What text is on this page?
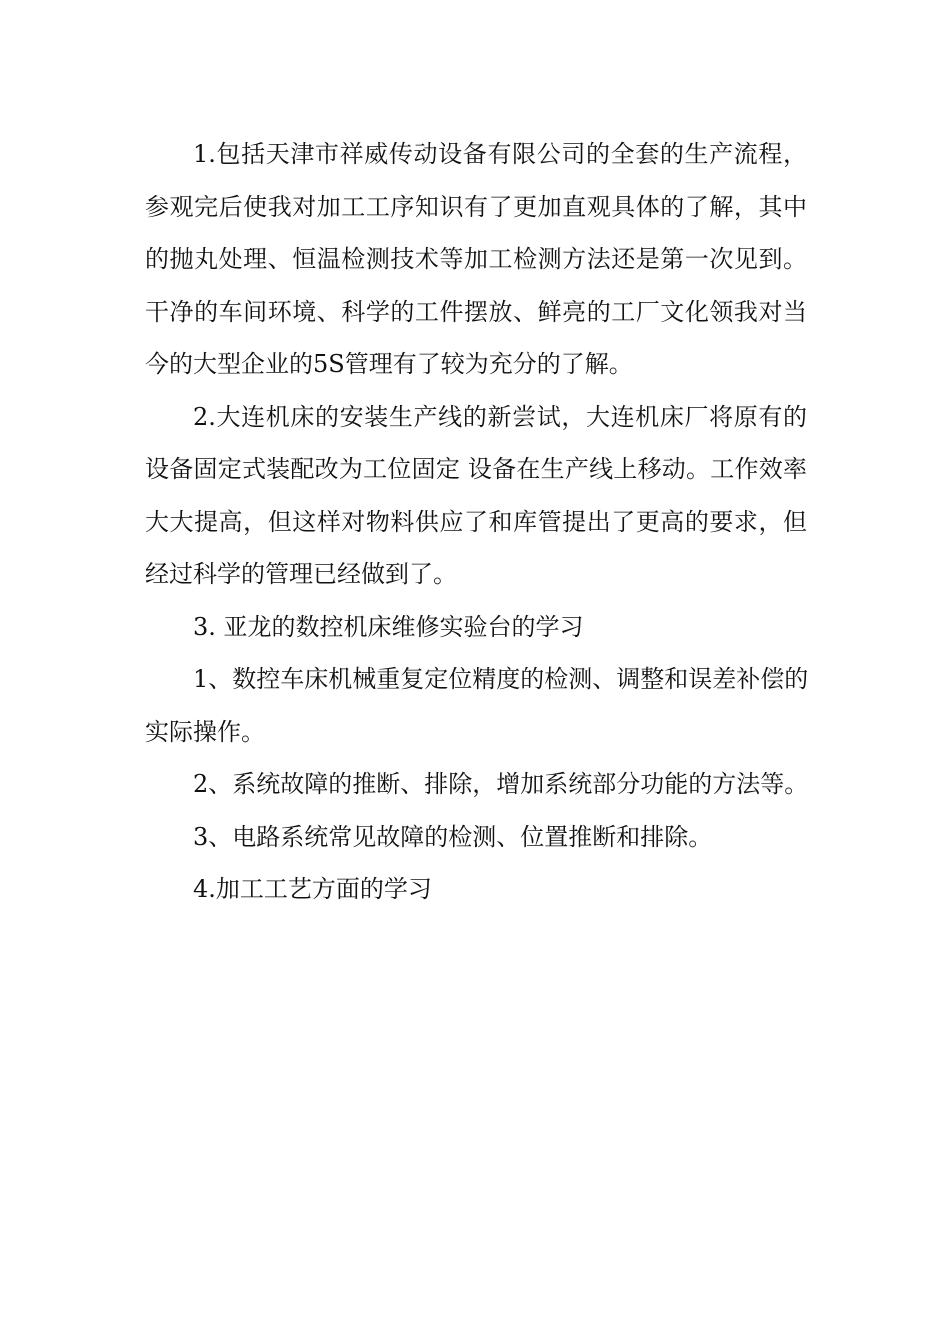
1.包括天津市祥威传动设备有限公司的全套的生产流程，
参观完后使我对加工工序知识有了更加直观具体的了解，其中
的抛丸处理、恒温检测技术等加工检测方法还是第一次见到。
干净的车间环境、科学的工件摆放、鲜亮的工厂文化领我对当
今的大型企业的5S管理有了较为充分的了解。
2.大连机床的安装生产线的新尝试，大连机床厂将原有的
设备固定式装配改为工位固定 设备在生产线上移动。工作效率
大大提高，但这样对物料供应了和库管提出了更高的要求，但
经过科学的管理已经做到了。
3. 亚龙的数控机床维修实验台的学习
1、数控车床机械重复定位精度的检测、调整和误差补偿的
实际操作。
2、系统故障的推断、排除，增加系统部分功能的方法等。
3、电路系统常见故障的检测、位置推断和排除。
4.加工工艺方面的学习
